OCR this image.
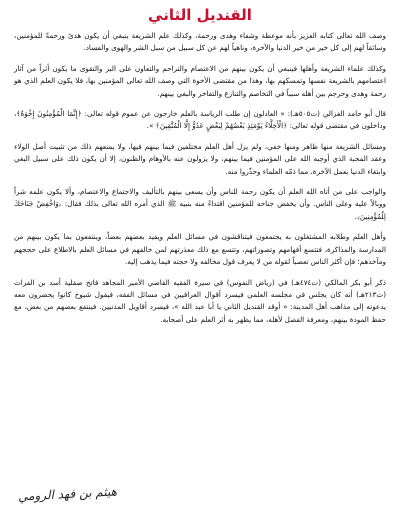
القنديل الثاني

وصف الله تعالى كتابه العزيز بأنه موعظة وشفاء وهدى ورحمة، وكذلك علم الشريعة ينبغي أن يكون هدىً ورحمةً للمؤمنين، وسائقاً لهم إلى كل خير من خير الدنيا والآخرة، وناهياً لهم عن كل سبيل من سبل الشر والهوى والفساد.

وكذلك علماء الشريعة وأهلها فينبغي أن يكون بينهم من الاعتصام والتراحم والتعاون على البر والتقوى ما يكون أثراً من آثار اعتصامهم بالشريعة نفسها وتمسكهم بها، وهذا من مقتضى الأخوة التي وصف الله تعالى المؤمنين بها، فلا يكون العلم الذي هو رحمة وهدى وحرجم بين أهله سبباً في التخاصم والتنازع والتفاخر والبغي بينهم.

قال أبو حامد الغزالي (ت٥٠٥هـ): « العادلون إن طلب الرياسة بالعلم خارجون عن عموم قوله تعالى: ﴿إِنَّمَا الْمُؤْمِنُونَ إِخْوَةٌ﴾، وداخلون في مقتضى قوله تعالى: ﴿الْأَخِلَّاءُ يَوْمَئِذٍ بَعْضُهُمْ لِبَعْضٍ عَدُوٌّ إِلَّا الْمُتَّقِينَ﴾ ».

ومسائل الشريعة منها ظاهر ومنها خفي، ولم يزل أهل العلم مختلفين فيما بينهم فيها، ولا يمنعهم ذلك من تثبيت أصل الولاء وعقد المحبة الذي أوجبه الله على المؤمنين فيما بينهم، ولا يزولون عنه بالأوهام والظنون، إلا أن يكون ذلك على سبيل البغي وابتغاء الدنيا بعمل الآخرة، مما ذمّه العلماء وحذّروا منه.

والواجب على من أتاه الله العلم أن يكون رحمة للناس وأن يسعى بينهم بالتأليف والاجتماع والاعتصام، وألا يكون علمه شراً ووبالاً عليه وعلى الناس. وأن يخفض جناحه للمؤمنين اقتداءً منه بنبيه ﷺ الذي أمره الله تعالى بذلك فقال: ﴿وَاخْفِضْ جَنَاحَكَ لِلْمُؤْمِنِينَ﴾.

وأهل العلم وطلابه المشتغلون به يجتمعون فيتناقشون في مسائل العلم ويفيد بعضهم بعضاً، وينتفعون بما يكون بينهم من المدارسة والمذاكرة، فتتسع أفهامهم وتصوراتهم، وتتسع مع ذلك معذرتهم لمن خالفهم في مسائل العلم بالاطلاع على حججهم ومآخذهم؛ فإن أكثر الناس تعصباً لقوله من لا يعرف قول مخالفه ولا حجته فيما يذهب إليه.

ذكر أبو بكر المالكي (ت٤٧٤هـ) في (رياض النفوس) في سيرة الفقيه القاضي الأمير المجاهد فاتح صقلية أسد بن الفرات (ت٢١٣هـ) أنه كان يجلس في مجلسه العلمي فيسرد أقوال العراقيين في مسائل الفقه، فيقول شيوخ كانوا يحضرون معه يدعونه إلى مذاهب أهل المدينة: « أوقد القنديل الثاني يا أبا عبد الله »، فيسرد أقاويل المدنيين. فينتفع بعضهم من بعض، مع حفظ المودة بينهم، ومعرفة الفضل لأهله، مما يظهر به أثر العلم على أصحابه.

هيثم بن فهد الرومي
